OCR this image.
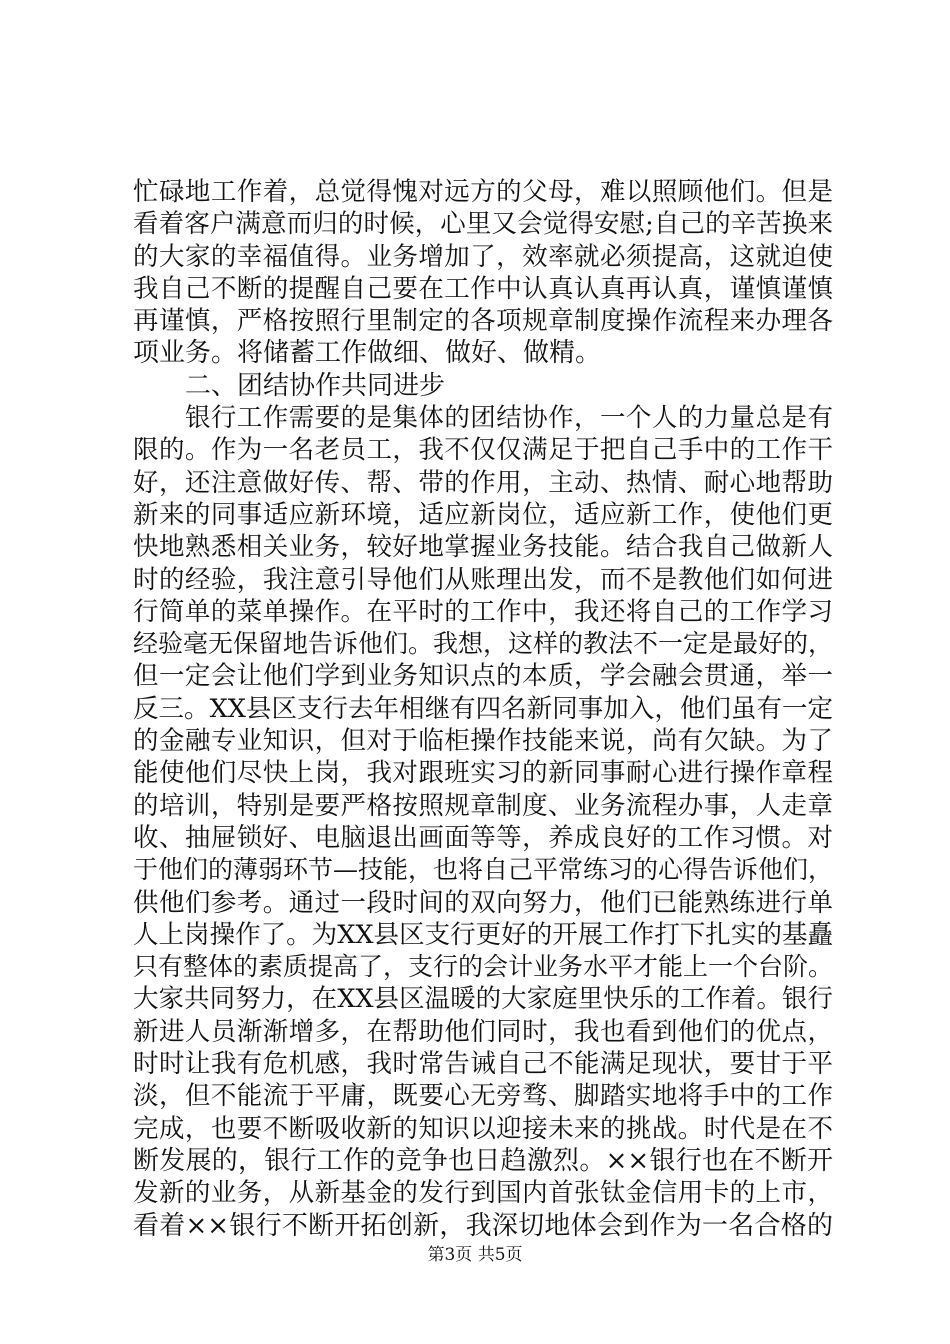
忙碌地工作着，总觉得愧对远方的父母，难以照顾他们。但是
看着客户满意而归的时候，心里又会觉得安慰;自己的辛苦换来
的大家的幸福值得。业务增加了，效率就必须提高，这就迫使
我自己不断的提醒自己要在工作中认真认真再认真，谨慎谨慎
再谨慎，严格按照行里制定的各项规章制度操作流程来办理各
项业务。将储蓄工作做细、做好、做精。
二、团结协作共同进步
银行工作需要的是集体的团结协作，一个人的力量总是有
限的。作为一名老员工，我不仅仅满足于把自己手中的工作干
好，还注意做好传、帮、带的作用，主动、热情、耐心地帮助
新来的同事适应新环境，适应新岗位，适应新工作，使他们更
快地熟悉相关业务，较好地掌握业务技能。结合我自己做新人
时的经验，我注意引导他们从账理出发，而不是教他们如何进
行简单的菜单操作。在平时的工作中，我还将自己的工作学习
经验毫无保留地告诉他们。我想，这样的教法不一定是最好的，
但一定会让他们学到业务知识点的本质，学会融会贯通，举一
反三。XX县区支行去年相继有四名新同事加入，他们虽有一定
的金融专业知识，但对于临柜操作技能来说，尚有欠缺。为了
能使他们尽快上岗，我对跟班实习的新同事耐心进行操作章程
的培训，特别是要严格按照规章制度、业务流程办事，人走章
收、抽屉锁好、电脑退出画面等等，养成良好的工作习惯。对
于他们的薄弱环节—技能，也将自己平常练习的心得告诉他们，
供他们参考。通过一段时间的双向努力，他们已能熟练进行单
人上岗操作了。为XX县区支行更好的开展工作打下扎实的基矗
只有整体的素质提高了，支行的会计业务水平才能上一个台阶。
大家共同努力，在XX县区温暖的大家庭里快乐的工作着。银行
新进人员渐渐增多，在帮助他们同时，我也看到他们的优点，
时时让我有危机感，我时常告诫自己不能满足现状，要甘于平
淡，但不能流于平庸，既要心无旁骛、脚踏实地将手中的工作
完成，也要不断吸收新的知识以迎接未来的挑战。时代是在不
断发展的，银行工作的竞争也日趋激烈。××银行也在不断开
发新的业务，从新基金的发行到国内首张钛金信用卡的上市，
看着××银行不断开拓创新，我深切地体会到作为一名合格的
第3页 共5页
